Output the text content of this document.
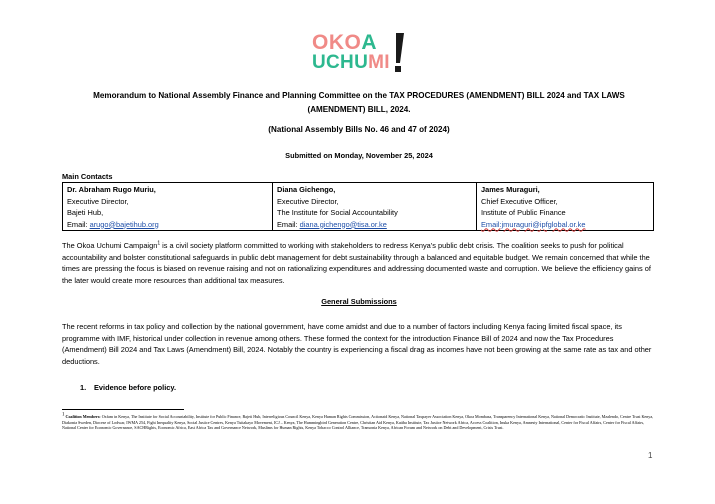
OKOA
UCHUMI
Memorandum to National Assembly Finance and Planning Committee on the TAX PROCEDURES (AMENDMENT) BILL 2024 and TAX LAWS (AMENDMENT) BILL, 2024.
(National Assembly Bills No. 46 and 47 of 2024)
Submitted on Monday, November 25, 2024
Main Contacts
Dr. Abraham Rugo Muriu,
Executive Director,
Bajeti Hub,
Email: arugo@bajetihub.org

Diana Gichengo,
Executive Director,
The Institute for Social Accountability
Email: diana.gichengo@tisa.or.ke

James Muraguri,
Chief Executive Officer,
Institute of Public Finance
Email:jmuraguri@ipfglobal.or.ke
The Okoa Uchumi Campaign$^1$ is a civil society platform committed to working with stakeholders to redress Kenya’s public debt crisis. The coalition seeks to push for political accountability and bolster constitutional safeguards in public debt management for debt sustainability through a balanced and equitable budget. We remain concerned that while the times are pressing the focus is biased on revenue raising and not on rationalizing expenditures and addressing documented waste and corruption. We believe the efficiency gains of the later would create more resources than additional tax measures.
General Submissions
The recent reforms in tax policy and collection by the national government, have come amidst and due to a number of factors including Kenya facing limited fiscal space, its programme with IMF, historical under collection in revenue among others. These formed the context for the introduction Finance Bill of 2024 and now the Tax Procedures (Amendment) Bill 2024 and Tax Laws (Amendment) Bill, 2024. Notably the country is experiencing a fiscal drag as incomes have not been growing at the same rate as tax and other deductions.
1. Evidence before policy.
$^1$ Coalition Members: Oxfam in Kenya, The Institute for Social Accountability, Institute for Public Finance, Bajeti Hub, Interreligious Council Kenya, Kenya Human Rights Commission, Actionaid Kenya, National Taxpayer Association Kenya, Okoa Mombasa, Transparency International Kenya, National Democratic Institute, Mzalendo, Centre Trust Kenya, Diakonia Sweden, Diocese of Lodwar, IWMA 254, Fight Inequality Kenya, Social Justice Centres, Kenya Tuitakayo Movement, ICJ – Kenya, The Hummingbird Generation Centre, Christian Aid Kenya, Katiba Institute, Tax Justice Network Africa, Access Coalition, Inuka Kenya, Amnesty International, Center for Fiscal Affairs, Center for Fiscal Affairs, National Center for Economic Governance, SACHRights, Economic Africa, East Africa Tax and Governance Network, Muslims for Human Rights, Kenya Tobacco Control Alliance, Transonia Kenya, African Forum and Network on Debt and Development, Crisis Trust.
1
